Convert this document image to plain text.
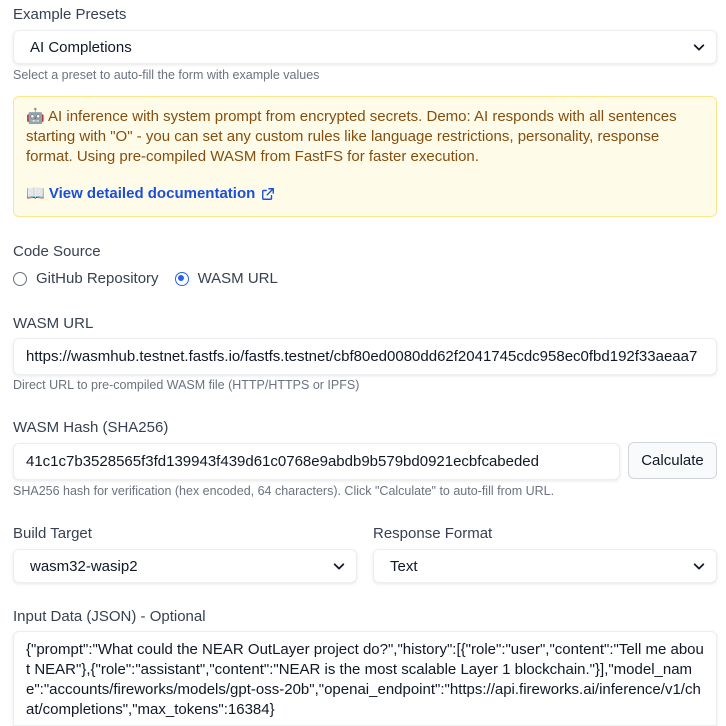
Example Presets
AI Completions
Select a preset to auto-fill the form with example values
🤖 AI inference with system prompt from encrypted secrets. Demo: AI responds with all sentences starting with "O" - you can set any custom rules like language restrictions, personality, response format. Using pre-compiled WASM from FastFS for faster execution.
📖 View detailed documentation
Code Source
GitHub Repository	WASM URL
WASM URL
https://wasmhub.testnet.fastfs.io/fastfs.testnet/cbf80ed0080dd62f2041745cdc958ec0fbd192f33aeaa7
Direct URL to pre-compiled WASM file (HTTP/HTTPS or IPFS)
WASM Hash (SHA256)
41c1c7b3528565f3fd139943f439d61c0768e9abdb9b579bd0921ecbfcabeded	Calculate
SHA256 hash for verification (hex encoded, 64 characters). Click "Calculate" to auto-fill from URL.
Build Target
wasm32-wasip2
Response Format
Text
Input Data (JSON) - Optional
{"prompt":"What could the NEAR OutLayer project do?","history":[{"role":"user","content":"Tell me about NEAR"},{"role":"assistant","content":"NEAR is the most scalable Layer 1 blockchain."}],"model_name":"accounts/fireworks/models/gpt-oss-20b","openai_endpoint":"https://api.fireworks.ai/inference/v1/chat/completions","max_tokens":16384}
